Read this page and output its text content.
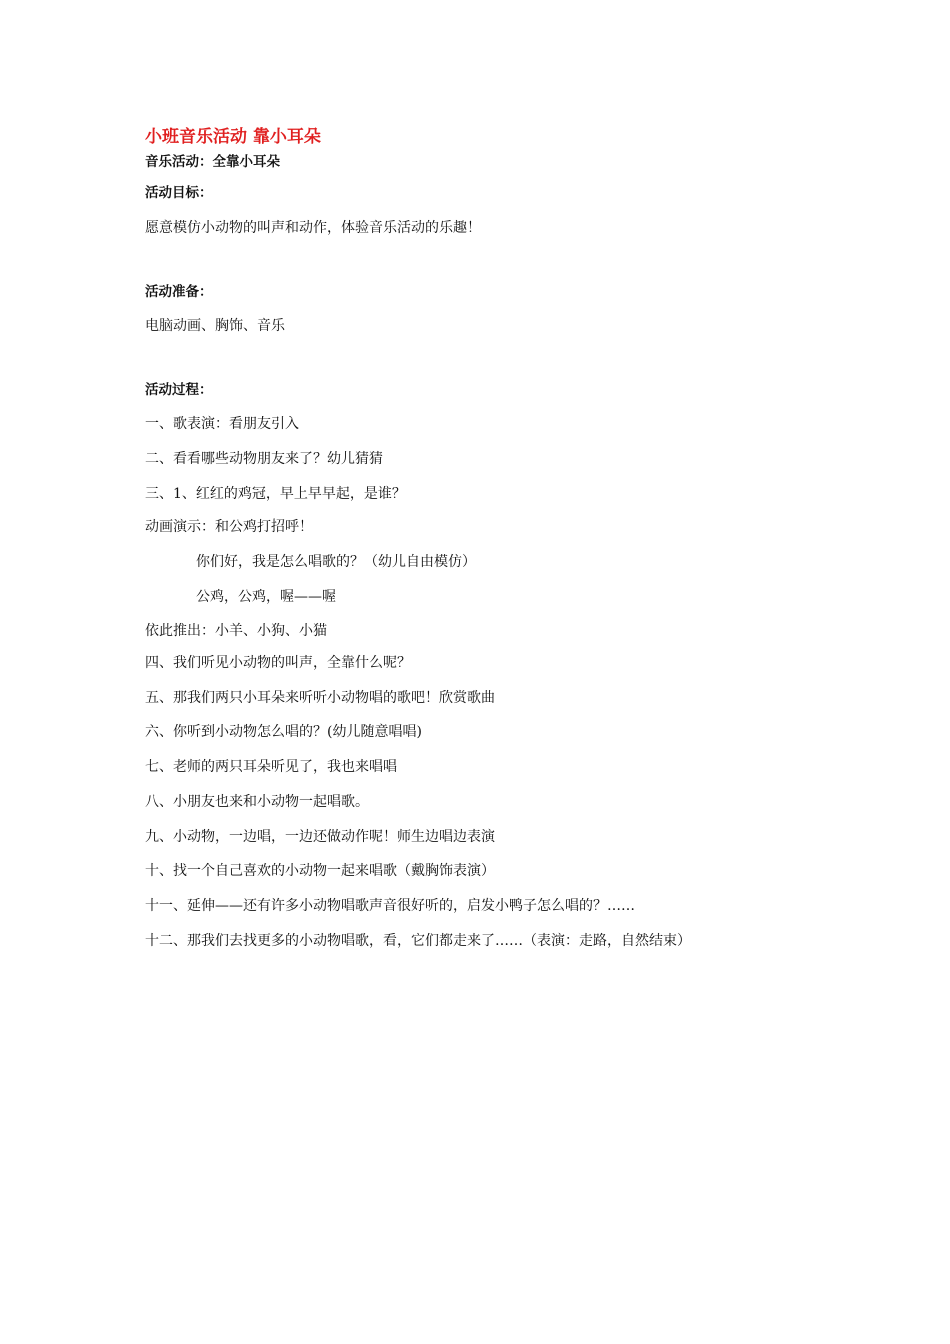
小班音乐活动 靠小耳朵
音乐活动：全靠小耳朵
活动目标：
愿意模仿小动物的叫声和动作，体验音乐活动的乐趣！
活动准备：
电脑动画、胸饰、音乐
活动过程：
一、歌表演：看朋友引入
二、看看哪些动物朋友来了？幼儿猜猜
三、1、红红的鸡冠，早上早早起，是谁？
动画演示：和公鸡打招呼！
你们好，我是怎么唱歌的？（幼儿自由模仿）
公鸡，公鸡，喔——喔
依此推出：小羊、小狗、小猫
四、我们听见小动物的叫声，全靠什么呢？
五、那我们两只小耳朵来听听小动物唱的歌吧！欣赏歌曲
六、你听到小动物怎么唱的？(幼儿随意唱唱)
七、老师的两只耳朵听见了，我也来唱唱
八、小朋友也来和小动物一起唱歌。
九、小动物，一边唱，一边还做动作呢！师生边唱边表演
十、找一个自己喜欢的小动物一起来唱歌（戴胸饰表演）
十一、延伸——还有许多小动物唱歌声音很好听的，启发小鸭子怎么唱的？……
十二、那我们去找更多的小动物唱歌，看，它们都走来了……（表演：走路，自然结束）
